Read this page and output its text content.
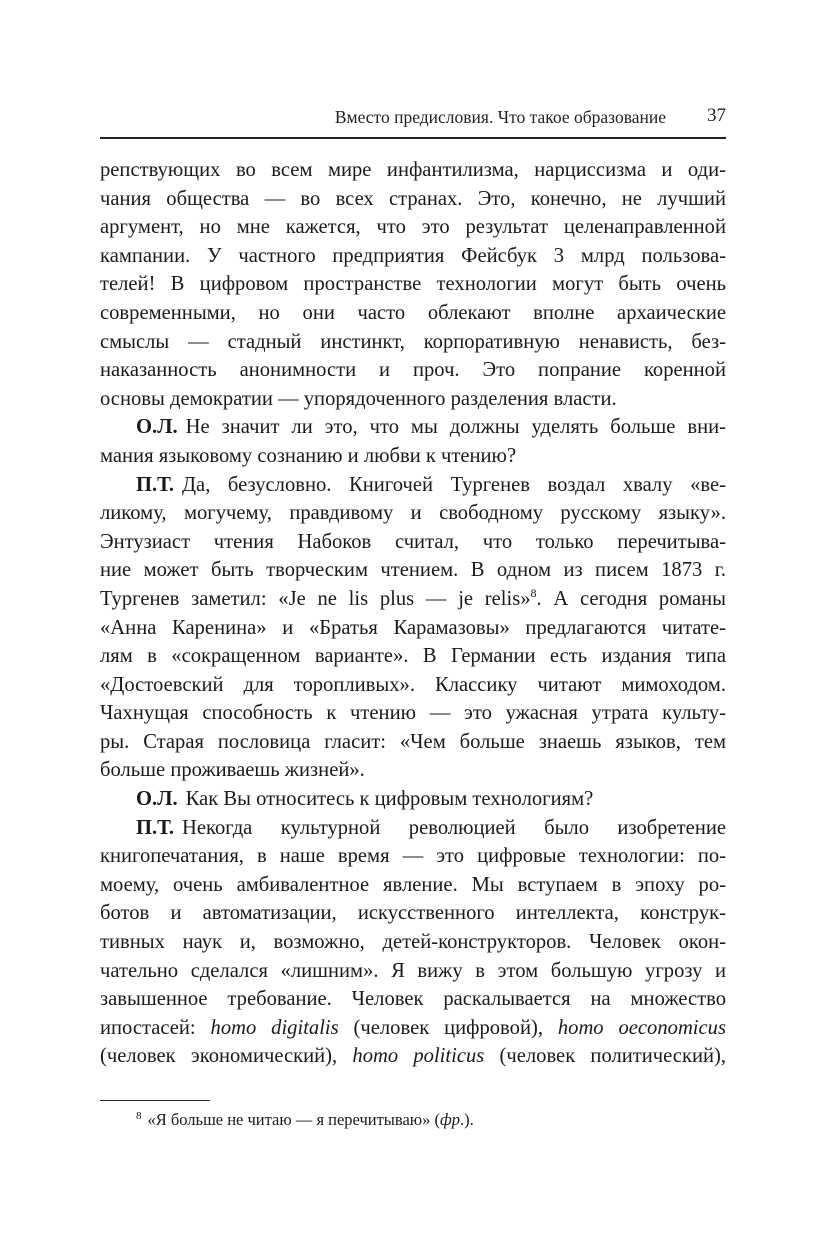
Вместо предисловия. Что такое образование 37
репствующих во всем мире инфантилизма, нарциссизма и оди-
чания общества — во всех странах. Это, конечно, не лучший
аргумент, но мне кажется, что это результат целенаправленной
кампании. У частного предприятия Фейсбук 3 млрд пользова-
телей! В цифровом пространстве технологии могут быть очень
современными, но они часто облекают вполне архаические
смыслы — стадный инстинкт, корпоративную ненависть, без-
наказанность анонимности и проч. Это попрание коренной
основы демократии — упорядоченного разделения власти.
О.Л. Не значит ли это, что мы должны уделять больше вни-
мания языковому сознанию и любви к чтению?
П.Т. Да, безусловно. Книгочей Тургенев воздал хвалу «ве-
ликому, могучему, правдивому и свободному русскому языку».
Энтузиаст чтения Набоков считал, что только перечитыва-
ние может быть творческим чтением. В одном из писем 1873 г.
Тургенев заметил: «Je ne lis plus — je relis»$^8$. А сегодня романы
«Анна Каренина» и «Братья Карамазовы» предлагаются читате-
лям в «сокращенном варианте». В Германии есть издания типа
«Достоевский для торопливых». Классику читают мимоходом.
Чахнущая способность к чтению — это ужасная утрата культу-
ры. Старая пословица гласит: «Чем больше знаешь языков, тем
больше проживаешь жизней».
О.Л. Как Вы относитесь к цифровым технологиям?
П.Т. Некогда культурной революцией было изобретение
книгопечатания, в наше время — это цифровые технологии: по-
моему, очень амбивалентное явление. Мы вступаем в эпоху ро-
ботов и автоматизации, искусственного интеллекта, конструк-
тивных наук и, возможно, детей-конструкторов. Человек окон-
чательно сделался «лишним». Я вижу в этом большую угрозу и
завышенное требование. Человек раскалывается на множество
ипостасей: homo digitalis (человек цифровой), homo oeconomicus
(человек экономический), homo politicus (человек политический),
$^8$ «Я больше не читаю — я перечитываю» (фр.).
